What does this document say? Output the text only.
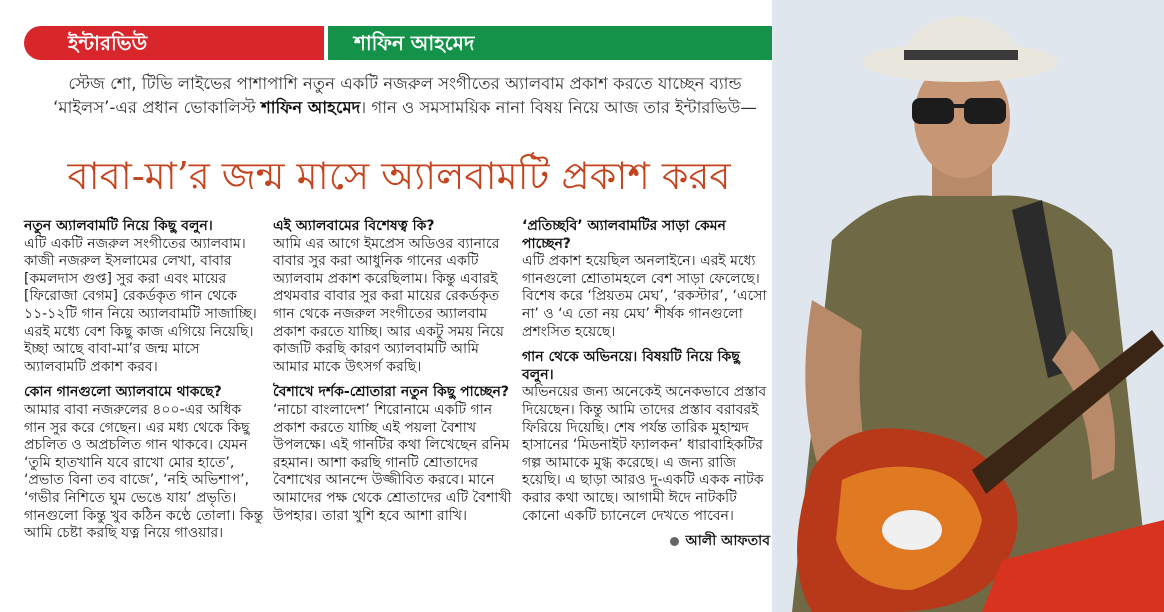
ইন্টারভিউ	শাফিন আহমেদ
স্টেজ শো, টিভি লাইভের পাশাপাশি নতুন একটি নজরুল সংগীতের অ্যালবাম প্রকাশ করতে যাচ্ছেন ব্যান্ড ‘মাইলস’-এর প্রধান ভোকালিস্ট শাফিন আহমেদ। গান ও সমসাময়িক নানা বিষয় নিয়ে আজ তার ইন্টারভিউ—
বাবা-মা’র জন্ম মাসে অ্যালবামটি প্রকাশ করব

নতুন অ্যালবামটি নিয়ে কিছু বলুন।

এটি একটি নজরুল সংগীতের অ্যালবাম। কাজী নজরুল ইসলামের লেখা, বাবার [কমলদাস গুপ্ত] সুর করা এবং মায়ের [ফিরোজা বেগম] রেকর্ডকৃত গান থেকে ১১-১২টি গান নিয়ে অ্যালবামটি সাজাচ্ছি। এরই মধ্যে বেশ কিছু কাজ এগিয়ে নিয়েছি। ইচ্ছা আছে বাবা-মা’র জন্ম মাসে অ্যালবামটি প্রকাশ করব।

কোন গানগুলো অ্যালবামে থাকছে?

আমার বাবা নজরুলের ৪০০-এর অধিক গান সুর করে গেছেন। এর মধ্য থেকে কিছু প্রচলিত ও অপ্রচলিত গান থাকবে। যেমন ‘তুমি হাতখানি যবে রাখো মোর হাতে’, ‘প্রভাত বিনা তব বাজে’, ‘নহি অভিশাপ’, ‘গভীর নিশিতে ঘুম ভেঙে যায়’ প্রভৃতি। গানগুলো কিন্তু খুব কঠিন কণ্ঠে তোলা। কিন্তু আমি চেষ্টা করছি যত্ন নিয়ে গাওয়ার।

এই অ্যালবামের বিশেষত্ব কি?

আমি এর আগে ইমপ্রেস অডিওর ব্যানারে বাবার সুর করা আধুনিক গানের একটি অ্যালবাম প্রকাশ করেছিলাম। কিন্তু এবারই প্রথমবার বাবার সুর করা মায়ের রেকর্ডকৃত গান থেকে নজরুল সংগীতের অ্যালবাম প্রকাশ করতে যাচ্ছি। আর একটু সময় নিয়ে কাজটি করছি কারণ অ্যালবামটি আমি আমার মাকে উৎসর্গ করছি।

বৈশাখে দর্শক-শ্রোতারা নতুন কিছু পাচ্ছেন?

‘নাচো বাংলাদেশ’ শিরোনামে একটি গান প্রকাশ করতে যাচ্ছি এই পয়লা বৈশাখ উপলক্ষে। এই গানটির কথা লিখেছেন রনিম রহমান। আশা করছি গানটি শ্রোতাদের বৈশাখের আনন্দে উজ্জীবিত করবে। মানে আমাদের পক্ষ থেকে শ্রোতাদের এটি বৈশাখী উপহার। তারা খুশি হবে আশা রাখি।

‘প্রতিচ্ছবি’ অ্যালবামটির সাড়া কেমন পাচ্ছেন?

এটি প্রকাশ হয়েছিল অনলাইনে। এরই মধ্যে গানগুলো শ্রোতামহলে বেশ সাড়া ফেলেছে। বিশেষ করে ‘প্রিয়তম মেঘ’, ‘রকস্টার’, ‘এসো না’ ও ‘এ তো নয় মেঘ’ শীর্ষক গানগুলো প্রশংসিত হয়েছে।

গান থেকে অভিনয়ে। বিষয়টি নিয়ে কিছু বলুন।

অভিনয়ের জন্য অনেকেই অনেকভাবে প্রস্তাব দিয়েছেন। কিন্তু আমি তাদের প্রস্তাব বরাবরই ফিরিয়ে দিয়েছি। শেষ পর্যন্ত তারিক মুহাম্মদ হাসানের ‘মিডনাইট ফ্যালকন’ ধারাবাহিকটির গল্প আমাকে মুগ্ধ করেছে। এ জন্য রাজি হয়েছি। এ ছাড়া আরও দু-একটি একক নাটক করার কথা আছে। আগামী ঈদে নাটকটি কোনো একটি চ্যানেলে দেখতে পাবেন।

আলী আফতাব
